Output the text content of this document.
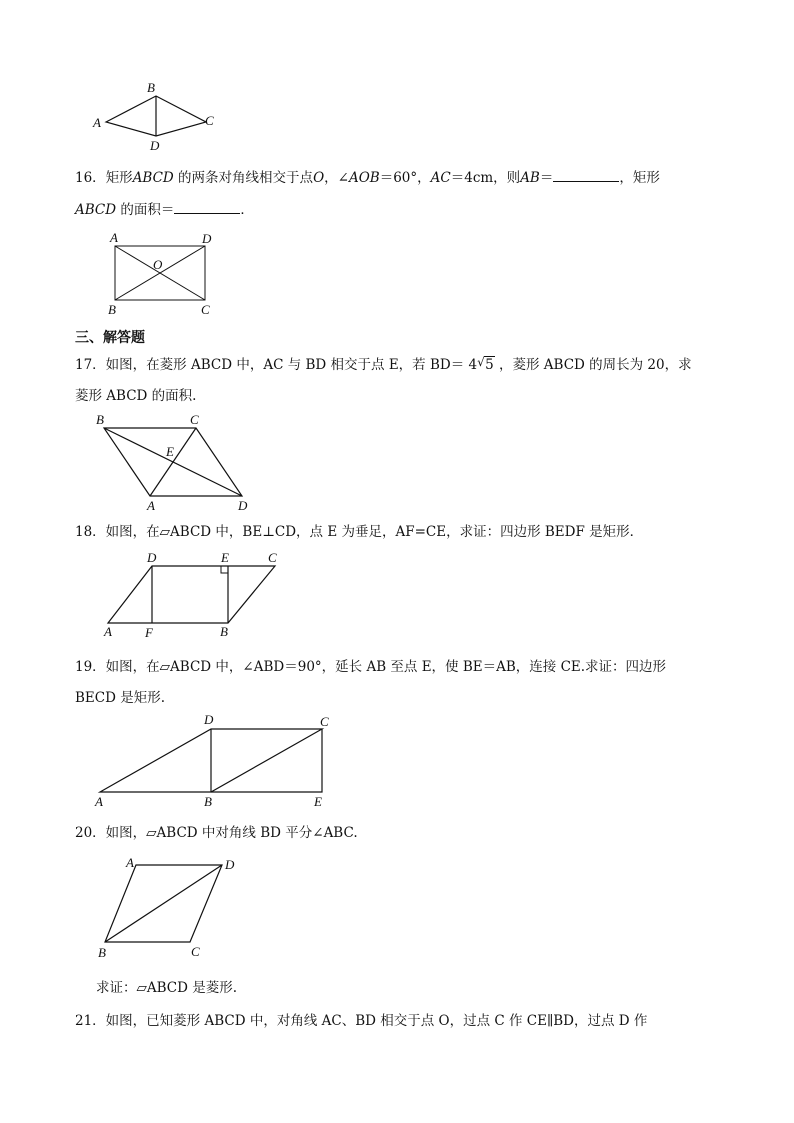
A
B
C
D
16．矩形ABCD 的两条对角线相交于点O，∠AOB＝60°，AC＝4cm，则AB＝	，矩形
ABCD 的面积＝	．
A	D
O
B	C
三、解答题
17．如图，在菱形 ABCD 中，AC 与 BD 相交于点 E，若 BD＝ 4 √ 5 ，菱形 ABCD 的周长为 20，求
菱形 ABCD 的面积.
B	C
E
A	D
18．如图，在▱ABCD 中，BE⊥CD，点 E 为垂足，AF=CE，求证：四边形 BEDF 是矩形．
D	E	C
A	F	B
19．如图，在▱ABCD 中，∠ABD＝90°，延长 AB 至点 E，使 BE＝AB，连接 CE.求证：四边形
BECD 是矩形.
D	C
A	B	E
20．如图，▱ABCD 中对角线 BD 平分∠ABC.
A	D
B	C
求证：▱ABCD 是菱形.
21．如图，已知菱形 ABCD 中，对角线 AC、BD 相交于点 O，过点 C 作 CE∥BD，过点 D 作
